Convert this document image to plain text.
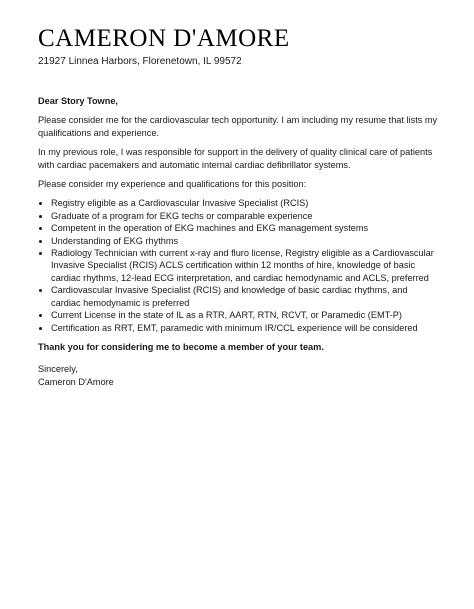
CAMERON D'AMORE

21927 Linnea Harbors, Florenetown, IL 99572

Dear Story Towne,

Please consider me for the cardiovascular tech opportunity. I am including my resume that lists my qualifications and experience.

In my previous role, I was responsible for support in the delivery of quality clinical care of patients with cardiac pacemakers and automatic internal cardiac defibrillator systems.

Please consider my experience and qualifications for this position:

• Registry eligible as a Cardiovascular Invasive Specialist (RCIS)
• Graduate of a program for EKG techs or comparable experience
• Competent in the operation of EKG machines and EKG management systems
• Understanding of EKG rhythms
• Radiology Technician with current x-ray and fluro license, Registry eligible as a Cardiovascular Invasive Specialist (RCIS) ACLS certification within 12 months of hire, knowledge of basic cardiac rhythms, 12-lead ECG interpretation, and cardiac hemodynamic and ACLS, preferred
• Cardiovascular Invasive Specialist (RCIS) and knowledge of basic cardiac rhythms, and cardiac hemodynamic is preferred
• Current License in the state of IL as a RTR, AART, RTN, RCVT, or Paramedic (EMT-P)
• Certification as RRT, EMT, paramedic with minimum IR/CCL experience will be considered

Thank you for considering me to become a member of your team.

Sincerely,

Cameron D'Amore
